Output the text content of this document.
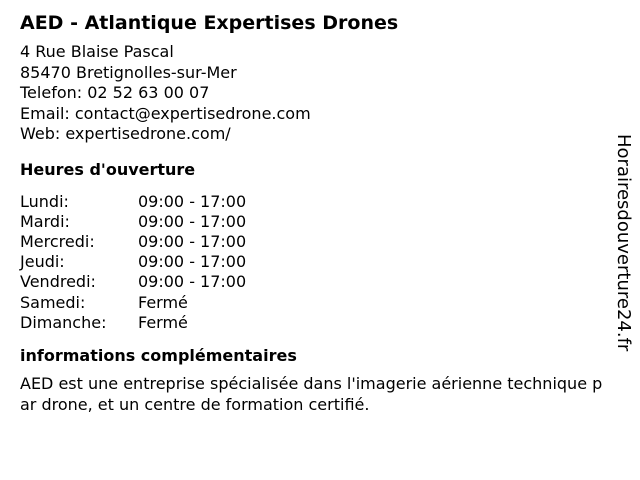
AED - Atlantique Expertises Drones
4 Rue Blaise Pascal
85470 Bretignolles-sur-Mer
Telefon: 02 52 63 00 07
Email: contact@expertisedrone.com
Web: expertisedrone.com/
Heures d'ouverture
Lundi:	09:00 - 17:00
Mardi:	09:00 - 17:00
Mercredi:	09:00 - 17:00
Jeudi:	09:00 - 17:00
Vendredi:	09:00 - 17:00
Samedi:	Fermé
Dimanche:	Fermé
informations complémentaires
AED est une entreprise spécialisée dans l'imagerie aérienne technique par drone, et un centre de formation certifié.
Horairesdouverture24.fr
